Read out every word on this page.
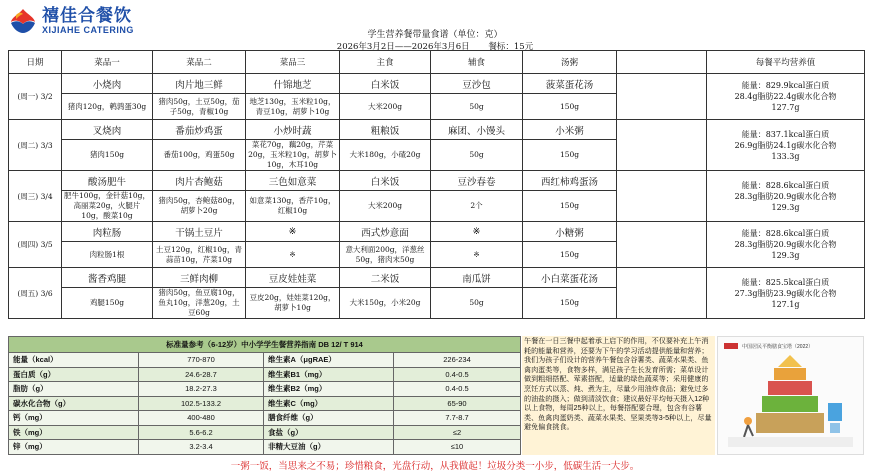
禧佳合餐饮
XIJIAHE CATERING	学生营养餐带量食谱（单位：克）
2026年3月2日——2026年3月6日 餐标：15元
日期	菜品一	菜品二	菜品三	主食	辅食	汤粥		每餐平均营养值
(周一) 3/2	小烧肉	肉片地三鲜	什锦地芝	白米饭	豆沙包	菠菜蛋花汤		能量：829.9kcal蛋白质
28.4g脂肪22.4g碳水化合物
127.7g

	猪肉120g，鹌鹑蛋30g	猪肉50g，土豆50g，茄子50g，青椒10g	地芝130g，玉米粒10g，青豆10g，胡萝卜10g	大米200g	50g	150g		
(周二) 3/3	叉烧肉	番茄炒鸡蛋	小炒时蔬	粗粮饭	麻团、小馒头	小米粥		能量：837.1kcal蛋白质
26.9g脂肪24.1g碳水化合物
133.3g

	猪肉150g	番茄100g，鸡蛋50g	菜花70g，藕20g，芹菜20g，玉米粒10g，胡萝卜10g，木耳10g	大米180g，小碴20g	50g	150g		
(周三) 3/4	酸汤肥牛	肉片杏鲍菇	三色如意菜	白米饭	豆沙春卷	西红柿鸡蛋汤		能量：828.6kcal蛋白质
28.3g脂肪20.9g碳水化合物
129.3g

	肥牛100g，金针菇10g，高丽菜20g，火腿片10g，酸菜10g	猪肉50g，杏鲍菇80g，胡萝卜20g	如意菜130g，香芹10g，红椒10g	大米200g	2个	150g		
(周四) 3/5	肉粒肠	干锅土豆片	※	西式炒意面	※	小糖粥		能量：828.6kcal蛋白质
28.3g脂肪20.9g碳水化合物
129.3g

	肉粒肠1根	土豆120g，红椒10g，青蒜苗10g，芹菜10g	※	意大利面200g，洋葱丝50g，猪肉末50g	※	150g		
(周五) 3/6	酱香鸡腿	三鲜肉柳	豆皮娃娃菜	二米饭	南瓜饼	小白菜蛋花汤		能量：825.5kcal蛋白质
27.3g脂肪23.9g碳水化合物
127.1g

	鸡腿150g	猪肉50g，鱼豆腐10g，鱼丸10g，洋葱20g，土豆60g	豆皮20g，娃娃菜120g，胡萝卜10g	大米150g，小米20g	50g	150g		
标准量参考（6-12岁）中小学学生餐营养指南 DB 12/ T 914			
能量（kcal）	770-870	维生素A（μgRAE）	226-234
蛋白质（g）	24.6-28.7	维生素B1（mg）	0.4-0.5
脂肪（g）	18.2-27.3	维生素B2（mg）	0.4-0.5
碳水化合物（g）	102.5-133.2	维生素C（mg）	65-90
钙（mg）	400-480	膳食纤维（g）	7.7-8.7
铁（mg）	5.6-6.2	食盐（g）	≤2
锌（mg）	3.2-3.4	非精大豆油（g）	≤10
午餐在一日三餐中起着承上启下的作用，不仅要补充上午消耗的能量和营养，还要为下午的学习活动提供能量和营养；我们为孩子们设计的营养午餐包含谷薯类、蔬菜水果类、鱼禽肉蛋类等，食物多样，满足孩子生长发育所需；菜单设计做到粗细搭配、荤素搭配，适量的绿色蔬菜等；采用健康的烹饪方式以蒸、炖、煮为主，尽量少用油炸食品；避免过多的油盐的摄入；做到清淡饮食；建议最好平均每天摄入12种以上食物，每周25种以上，每餐搭配要合理，包含有谷薯类、鱼禽肉蛋奶类、蔬菜水果类、坚果类等3-5种以上，尽量避免偏食挑食。
中国居民平衡膳食宝塔（2022）
一粥一饭，当思来之不易；珍惜粮食，光盘行动，从我做起！垃圾分类一小步，低碳生活一大步。
